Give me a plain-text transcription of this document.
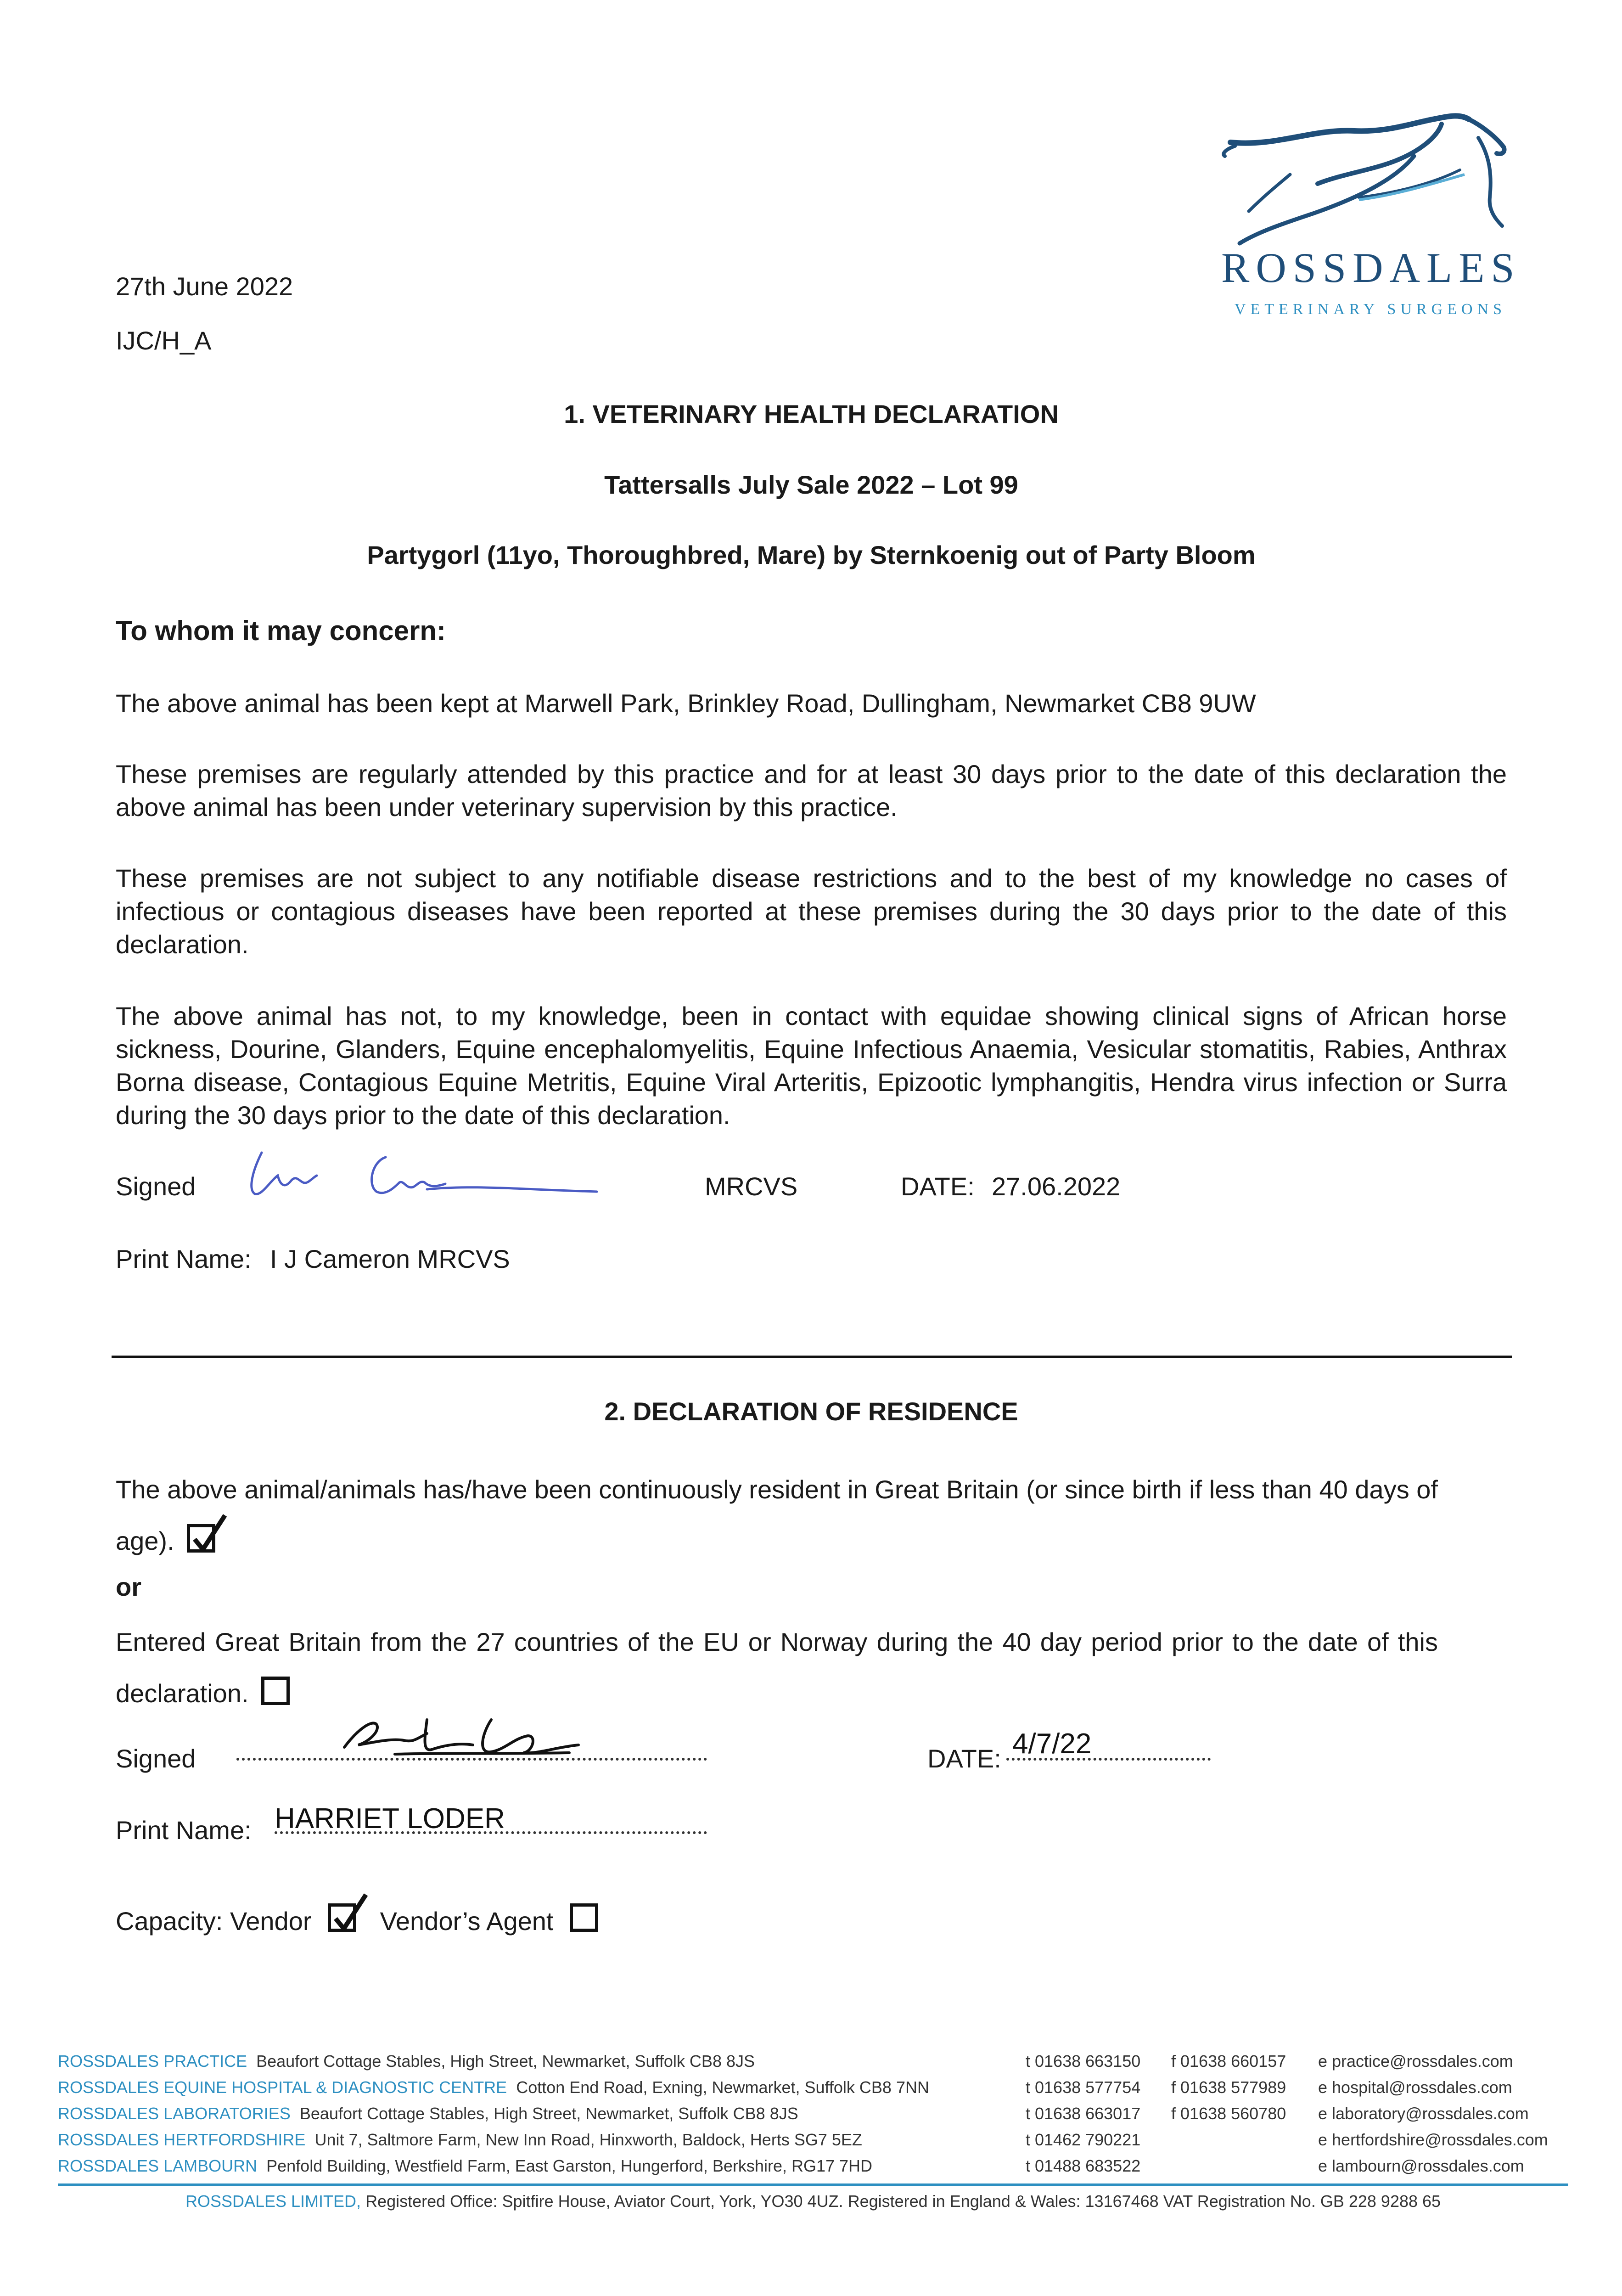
ROSSDALES
VETERINARY SURGEONS
27th June 2022
IJC/H_A
1. VETERINARY HEALTH DECLARATION
Tattersalls July Sale 2022 – Lot 99
Partygorl (11yo, Thoroughbred, Mare) by Sternkoenig out of Party Bloom
To whom it may concern:
The above animal has been kept at Marwell Park, Brinkley Road, Dullingham, Newmarket CB8 9UW
These premises are regularly attended by this practice and for at least 30 days prior to the date of this declaration the above animal has been under veterinary supervision by this practice.
These premises are not subject to any notifiable disease restrictions and to the best of my knowledge no cases of infectious or contagious diseases have been reported at these premises during the 30 days prior to the date of this declaration.
The above animal has not, to my knowledge, been in contact with equidae showing clinical signs of African horse sickness, Dourine, Glanders, Equine encephalomyelitis, Equine Infectious Anaemia, Vesicular stomatitis, Rabies, Anthrax Borna disease, Contagious Equine Metritis, Equine Viral Arteritis, Epizootic lymphangitis, Hendra virus infection or Surra during the 30 days prior to the date of this declaration.
Signed	MRCVS	DATE: 27.06.2022
Print Name: I J Cameron MRCVS
2. DECLARATION OF RESIDENCE
The above animal/animals has/have been continuously resident in Great Britain (or since birth if less than 40 days of age).
or
Entered Great Britain from the 27 countries of the EU or Norway during the 40 day period prior to the date of this declaration.
Signed	DATE: 4/7/22
Print Name: HARRIET LODER
Capacity: Vendor	Vendor’s Agent
ROSSDALES PRACTICE Beaufort Cottage Stables, High Street, Newmarket, Suffolk CB8 8JS	t 01638 663150 f 01638 660157 e practice@rossdales.com
ROSSDALES EQUINE HOSPITAL & DIAGNOSTIC CENTRE Cotton End Road, Exning, Newmarket, Suffolk CB8 7NN	t 01638 577754 f 01638 577989 e hospital@rossdales.com
ROSSDALES LABORATORIES Beaufort Cottage Stables, High Street, Newmarket, Suffolk CB8 8JS	t 01638 663017 f 01638 560780 e laboratory@rossdales.com
ROSSDALES HERTFORDSHIRE Unit 7, Saltmore Farm, New Inn Road, Hinxworth, Baldock, Herts SG7 5EZ	t 01462 790221	e hertfordshire@rossdales.com
ROSSDALES LAMBOURN Penfold Building, Westfield Farm, East Garston, Hungerford, Berkshire, RG17 7HD	t 01488 683522	e lambourn@rossdales.com
ROSSDALES LIMITED, Registered Office: Spitfire House, Aviator Court, York, YO30 4UZ. Registered in England & Wales: 13167468 VAT Registration No. GB 228 9288 65
